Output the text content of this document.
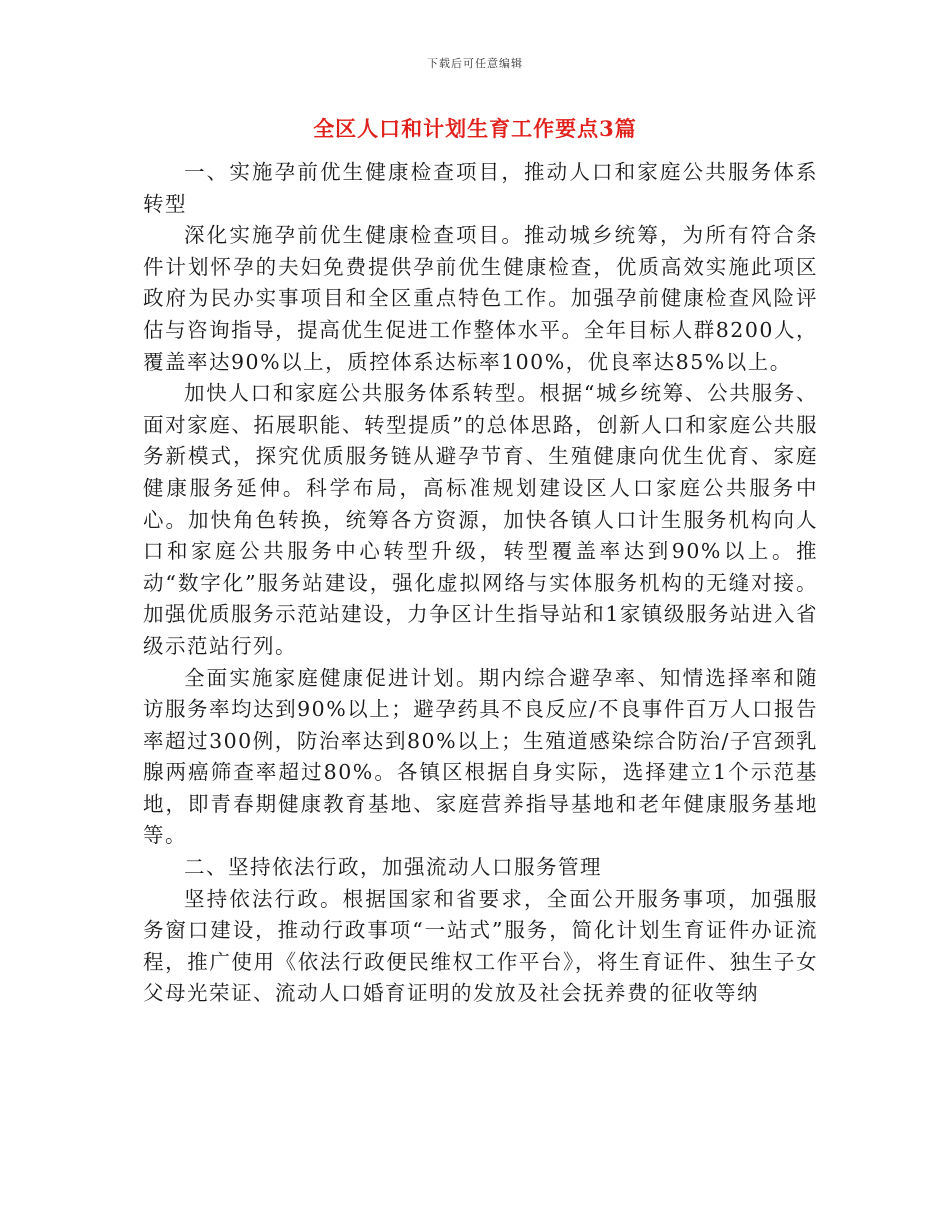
下载后可任意编辑
全区人口和计划生育工作要点3篇

一、实施孕前优生健康检查项目，推动人口和家庭公共服务体系转型

深化实施孕前优生健康检查项目。推动城乡统筹，为所有符合条件计划怀孕的夫妇免费提供孕前优生健康检查，优质高效实施此项区政府为民办实事项目和全区重点特色工作。加强孕前健康检查风险评估与咨询指导，提高优生促进工作整体水平。全年目标人群8200人，覆盖率达90%以上，质控体系达标率100%，优良率达85%以上。

加快人口和家庭公共服务体系转型。根据“城乡统筹、公共服务、面对家庭、拓展职能、转型提质”的总体思路，创新人口和家庭公共服务新模式，探究优质服务链从避孕节育、生殖健康向优生优育、家庭健康服务延伸。科学布局，高标准规划建设区人口家庭公共服务中心。加快角色转换，统筹各方资源，加快各镇人口计生服务机构向人口和家庭公共服务中心转型升级，转型覆盖率达到90%以上。推动“数字化”服务站建设，强化虚拟网络与实体服务机构的无缝对接。加强优质服务示范站建设，力争区计生指导站和1家镇级服务站进入省级示范站行列。

全面实施家庭健康促进计划。期内综合避孕率、知情选择率和随访服务率均达到90%以上；避孕药具不良反应/不良事件百万人口报告率超过300例，防治率达到80%以上；生殖道感染综合防治/子宫颈乳腺两癌筛查率超过80%。各镇区根据自身实际，选择建立1个示范基地，即青春期健康教育基地、家庭营养指导基地和老年健康服务基地等。

二、坚持依法行政，加强流动人口服务管理

坚持依法行政。根据国家和省要求，全面公开服务事项，加强服务窗口建设，推动行政事项“一站式”服务，简化计划生育证件办证流程，推广使用《依法行政便民维权工作平台》，将生育证件、独生子女父母光荣证、流动人口婚育证明的发放及社会抚养费的征收等纳
